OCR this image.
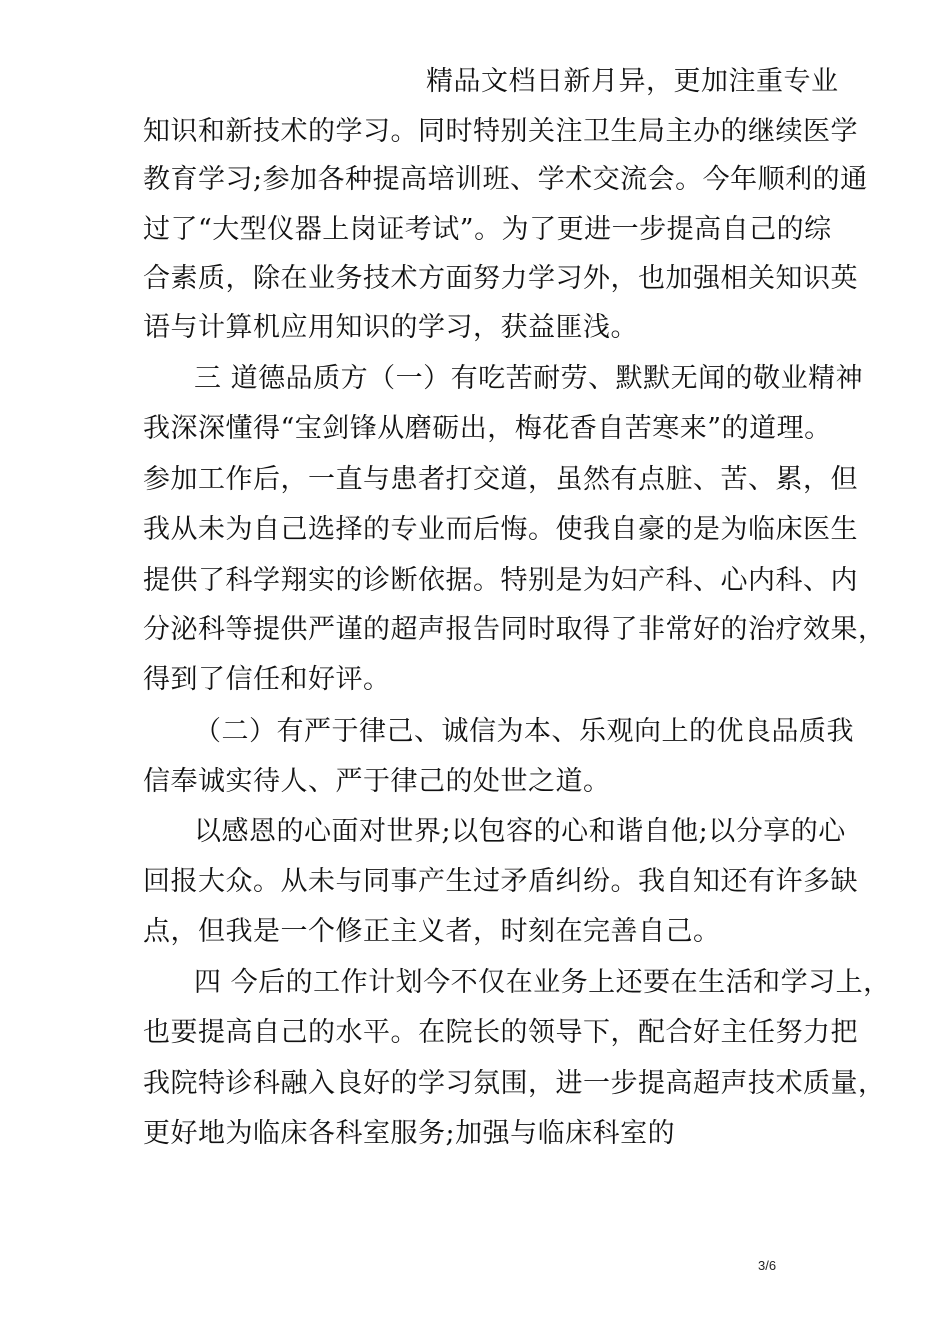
精品文档日新月异，更加注重专业
知识和新技术的学习。同时特别关注卫生局主办的继续医学
教育学习;参加各种提高培训班、学术交流会。今年顺利的通
过了“大型仪器上岗证考试”。为了更进一步提高自己的综
合素质，除在业务技术方面努力学习外，也加强相关知识英
语与计算机应用知识的学习，获益匪浅。
三 道德品质方（一）有吃苦耐劳、默默无闻的敬业精神
我深深懂得“宝剑锋从磨砺出，梅花香自苦寒来”的道理。
参加工作后，一直与患者打交道，虽然有点脏、苦、累，但
我从未为自己选择的专业而后悔。使我自豪的是为临床医生
提供了科学翔实的诊断依据。特别是为妇产科、心内科、内
分泌科等提供严谨的超声报告同时取得了非常好的治疗效果，
得到了信任和好评。
（二）有严于律己、诚信为本、乐观向上的优良品质我
信奉诚实待人、严于律己的处世之道。
以感恩的心面对世界;以包容的心和谐自他;以分享的心
回报大众。从未与同事产生过矛盾纠纷。我自知还有许多缺
点，但我是一个修正主义者，时刻在完善自己。
四 今后的工作计划今不仅在业务上还要在生活和学习上，
也要提高自己的水平。在院长的领导下，配合好主任努力把
我院特诊科融入良好的学习氛围，进一步提高超声技术质量，
更好地为临床各科室服务;加强与临床科室的
3/6
